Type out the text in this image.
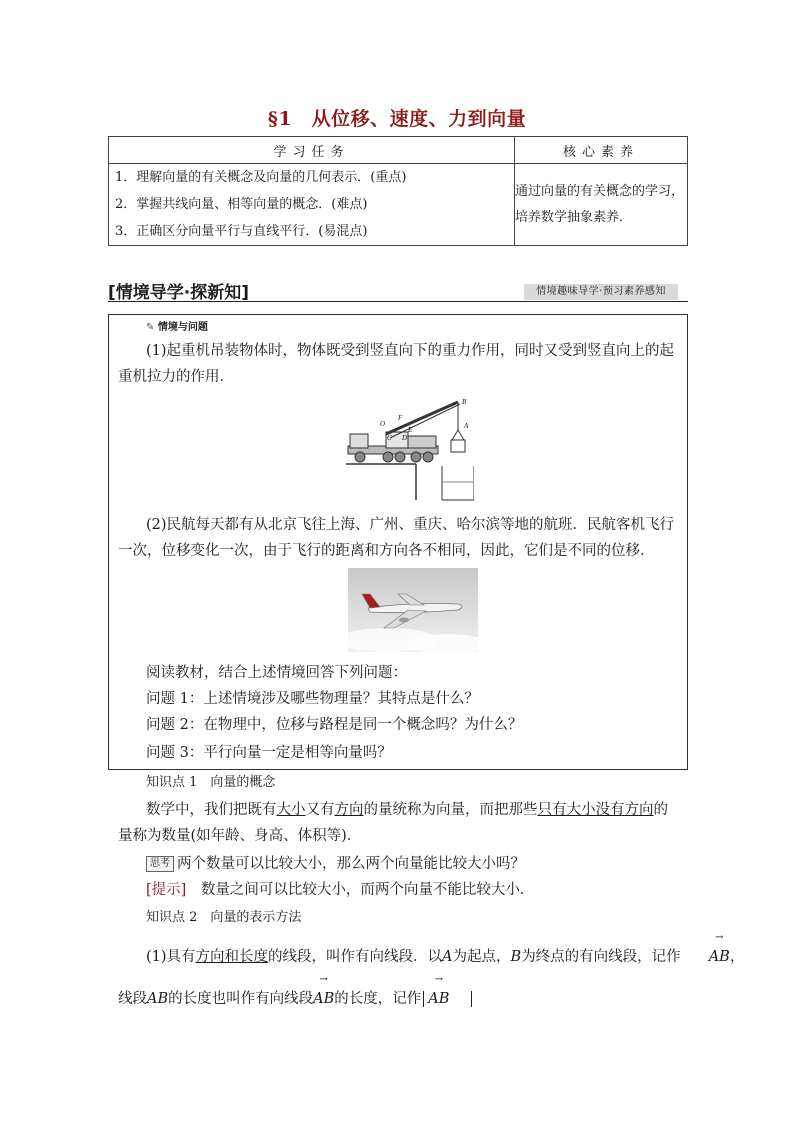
§1　从位移、速度、力到向量
学习任务	核心素养

1．理解向量的有关概念及向量的几何表示．(重点)
2．掌握共线向量、相等向量的概念．(难点)
3．正确区分向量平行与直线平行．(易混点)	通过向量的有关概念的学习，培养数学抽象素养．
[情境导学·探新知]	情境趣味导学·预习素养感知
✎ 情境与问题
(1)起重机吊装物体时，物体既受到竖直向下的重力作用，同时又受到竖直向上的起重机拉力的作用．
O
F
E
C D
B
A
(2)民航每天都有从北京飞往上海、广州、重庆、哈尔滨等地的航班．民航客机飞行一次，位移变化一次，由于飞行的距离和方向各不相同，因此，它们是不同的位移．
阅读教材，结合上述情境回答下列问题：
问题 1：上述情境涉及哪些物理量？其特点是什么？
问题 2：在物理中，位移与路程是同一个概念吗？为什么？
问题 3：平行向量一定是相等向量吗？
知识点 1　向量的概念
数学中，我们把既有大小又有方向的量统称为向量，而把那些只有大小没有方向的量称为数量(如年龄、身高、体积等)．
思考 两个数量可以比较大小，那么两个向量能比较大小吗？
[提示]　 数量之间可以比较大小，而两个向量不能比较大小．
知识点 2　向量的表示方法
(1)具有方向和长度的线段，叫作有向线段．以A为起点，B为终点的有向线段，记作 → AB，
线段AB的长度也叫作有向线段→ AB的长度，记作 → AB
